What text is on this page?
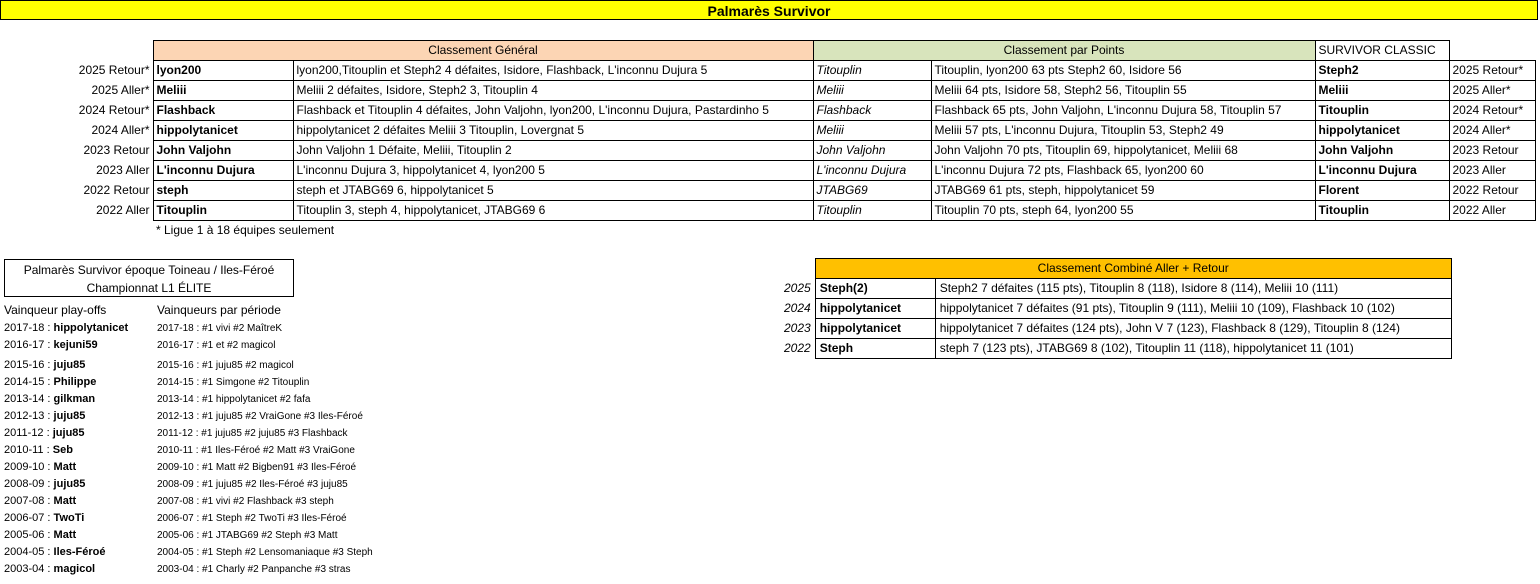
Palmarès Survivor
	Classement Général		Classement par Points		SURVIVOR CLASSIC	
2025 Retour*	lyon200	lyon200,Titouplin et Steph2 4 défaites, Isidore, Flashback, L'inconnu Dujura 5	Titouplin	Titouplin, lyon200 63 pts Steph2 60, Isidore 56	Steph2	2025 Retour*
2025 Aller*	Meliii	Meliii 2 défaites, Isidore, Steph2 3, Titouplin 4	Meliii	Meliii 64 pts, Isidore 58, Steph2 56, Titouplin 55	Meliii	2025 Aller*
2024 Retour*	Flashback	Flashback et Titouplin 4 défaites, John Valjohn, lyon200, L'inconnu Dujura, Pastardinho 5	Flashback	Flashback 65 pts, John Valjohn, L'inconnu Dujura 58, Titouplin 57	Titouplin	2024 Retour*
2024 Aller*	hippolytanicet	hippolytanicet 2 défaites Meliii 3 Titouplin, Lovergnat 5	Meliii	Meliii 57 pts, L'inconnu Dujura, Titouplin 53, Steph2 49	hippolytanicet	2024 Aller*
2023 Retour	John Valjohn	John Valjohn 1 Défaite, Meliii, Titouplin 2	John Valjohn	John Valjohn 70 pts, Titouplin 69, hippolytanicet, Meliii 68	John Valjohn	2023 Retour
2023 Aller	L'inconnu Dujura	L'inconnu Dujura 3, hippolytanicet 4, lyon200 5	L'inconnu Dujura	L'inconnu Dujura 72 pts, Flashback 65, lyon200 60	L'inconnu Dujura	2023 Aller
2022 Retour	steph	steph et JTABG69 6, hippolytanicet 5	JTABG69	JTABG69 61 pts, steph, hippolytanicet 59	Florent	2022 Retour
2022 Aller	Titouplin	Titouplin 3, steph 4, hippolytanicet, JTABG69 6	Titouplin	Titouplin 70 pts, steph 64, lyon200 55	Titouplin	2022 Aller
* Ligue 1 à 18 équipes seulement
Palmarès Survivor époque Toineau / Iles-Féroé
Championnat L1 ÉLITE
Vainqueur play-offs	Vainqueurs par période
2017-18 : hippolytanicet	2017-18 : #1 vivi #2 MaîtreK
2016-17 : kejuni59	2016-17 : #1 et #2 magicol
2015-16 : juju85	2015-16 : #1 juju85 #2 magicol
2014-15 : Philippe	2014-15 : #1 Simgone #2 Titouplin
2013-14 : gilkman	2013-14 : #1 hippolytanicet #2 fafa
2012-13 : juju85	2012-13 : #1 juju85 #2 VraiGone #3 Iles-Féroé
2011-12 : juju85	2011-12 : #1 juju85 #2 juju85 #3 Flashback
2010-11 : Seb	2010-11 : #1 Iles-Féroé #2 Matt #3 VraiGone
2009-10 : Matt	2009-10 : #1 Matt #2 Bigben91 #3 Iles-Féroé
2008-09 : juju85	2008-09 : #1 juju85 #2 Iles-Féroé #3 juju85
2007-08 : Matt	2007-08 : #1 vivi #2 Flashback #3 steph
2006-07 : TwoTi	2006-07 : #1 Steph #2 TwoTi #3 Iles-Féroé
2005-06 : Matt	2005-06 : #1 JTABG69 #2 Steph #3 Matt
2004-05 : Iles-Féroé	2004-05 : #1 Steph #2 Lensomaniaque #3 Steph
2003-04 : magicol	2003-04 : #1 Charly #2 Panpanche #3 stras
	Classement Combiné Aller + Retour	
2025	Steph(2)	Steph2 7 défaites (115 pts), Titouplin 8 (118), Isidore 8 (114), Meliii 10 (111)
2024	hippolytanicet	hippolytanicet 7 défaites (91 pts), Titouplin 9 (111), Meliii 10 (109), Flashback 10 (102)
2023	hippolytanicet	hippolytanicet 7 défaites (124 pts), John V 7 (123), Flashback 8 (129), Titouplin 8 (124)
2022	Steph	steph 7 (123 pts), JTABG69 8 (102), Titouplin 11 (118), hippolytanicet 11 (101)
